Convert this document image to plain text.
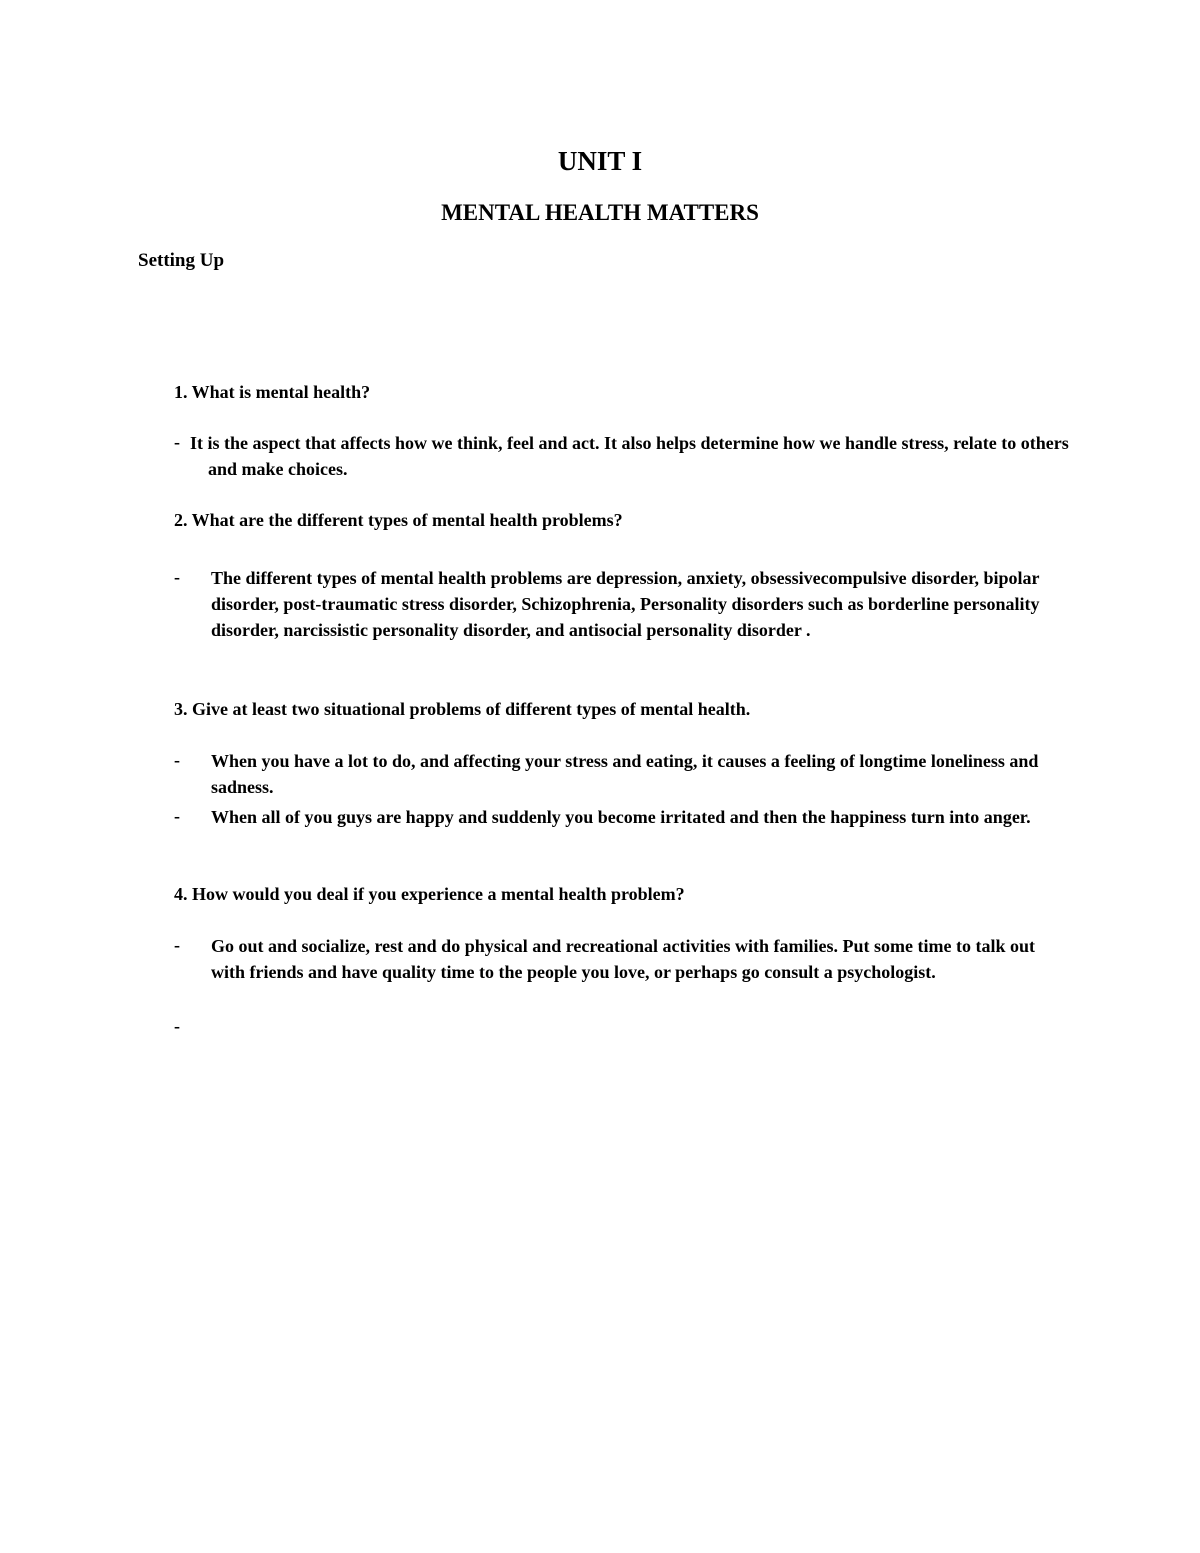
UNIT I
MENTAL HEALTH MATTERS
Setting Up
1. What is mental health?
- It is the aspect that affects how we think, feel and act. It also helps determine how we handle stress, relate to others and make choices.
2. What are the different types of mental health problems?
- The different types of mental health problems are depression, anxiety, obsessivecompulsive disorder, bipolar disorder, post-traumatic stress disorder, Schizophrenia, Personality disorders such as borderline personality disorder, narcissistic personality disorder, and antisocial personality disorder .
3. Give at least two situational problems of different types of mental health.
- When you have a lot to do, and affecting your stress and eating, it causes a feeling of longtime loneliness and sadness.
- When all of you guys are happy and suddenly you become irritated and then the happiness turn into anger.
4. How would you deal if you experience a mental health problem?
- Go out and socialize, rest and do physical and recreational activities with families. Put some time to talk out with friends and have quality time to the people you love, or perhaps go consult a psychologist.
-
